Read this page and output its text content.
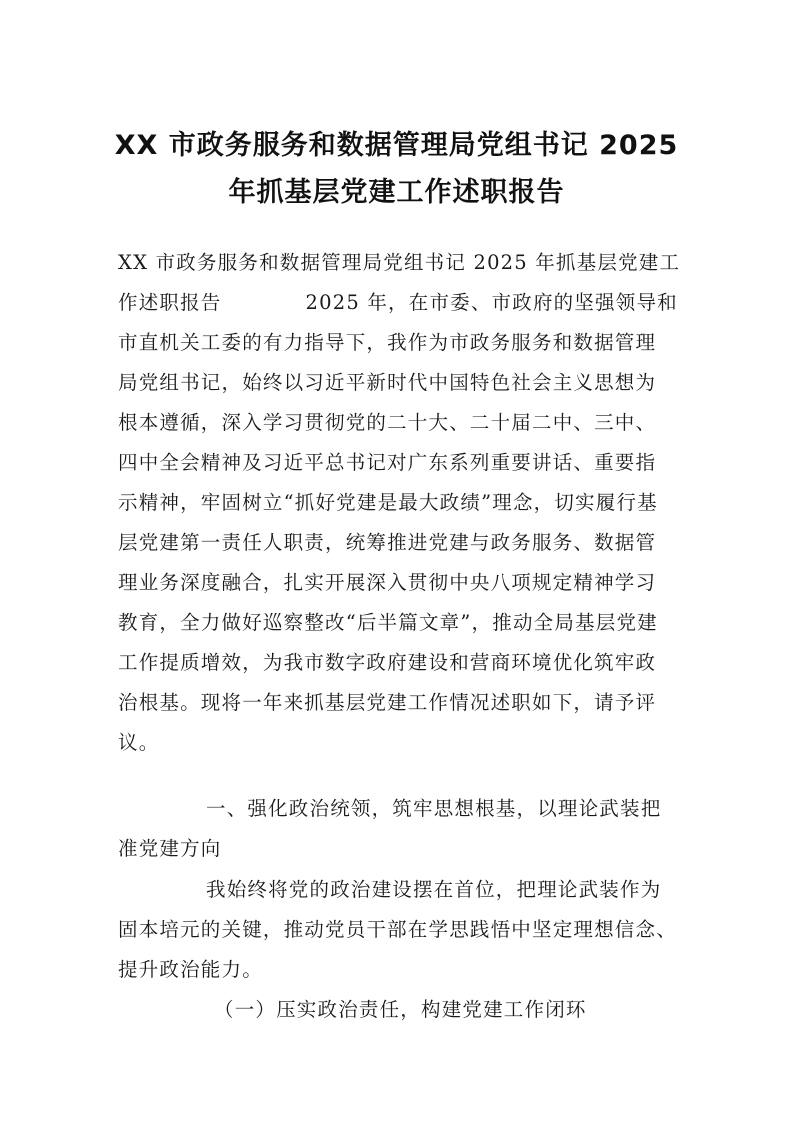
XX 市政务服务和数据管理局党组书记 2025
年抓基层党建工作述职报告
XX 市政务服务和数据管理局党组书记 2025 年抓基层党建工
作述职报告	2025 年，在市委、市政府的坚强领导和
市直机关工委的有力指导下，我作为市政务服务和数据管理
局党组书记，始终以习近平新时代中国特色社会主义思想为
根本遵循，深入学习贯彻党的二十大、二十届二中、三中、
四中全会精神及习近平总书记对广东系列重要讲话、重要指
示精神，牢固树立“抓好党建是最大政绩”理念，切实履行基
层党建第一责任人职责，统筹推进党建与政务服务、数据管
理业务深度融合，扎实开展深入贯彻中央八项规定精神学习
教育，全力做好巡察整改“后半篇文章”，推动全局基层党建
工作提质增效，为我市数字政府建设和营商环境优化筑牢政
治根基。现将一年来抓基层党建工作情况述职如下，请予评
议。
一、强化政治统领，筑牢思想根基，以理论武装把
准党建方向
我始终将党的政治建设摆在首位，把理论武装作为
固本培元的关键，推动党员干部在学思践悟中坚定理想信念、
提升政治能力。
（一）压实政治责任，构建党建工作闭环
